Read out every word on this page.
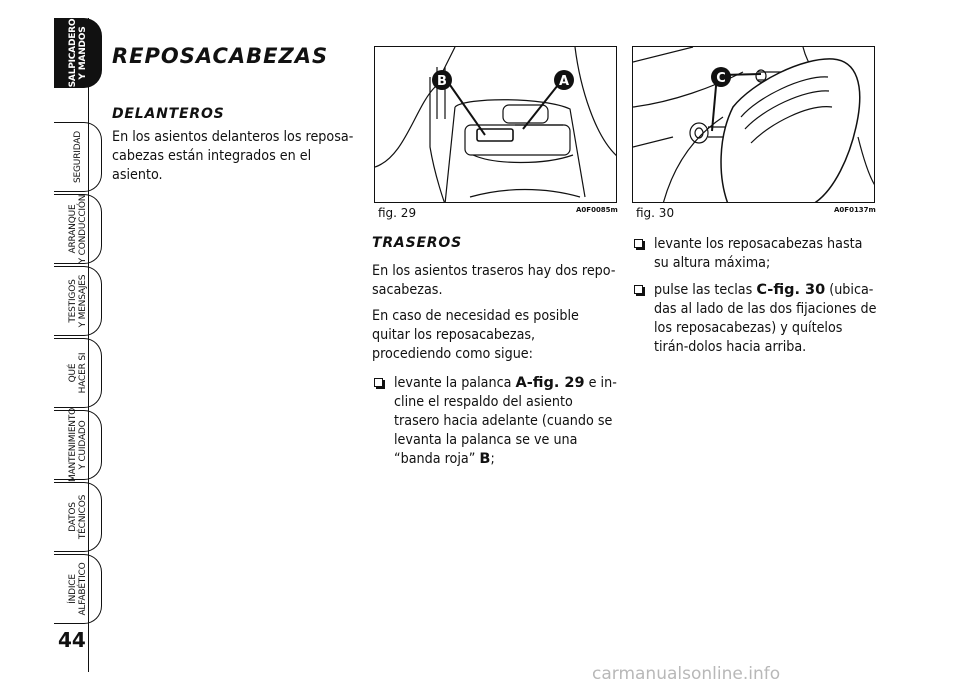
SALPICADERO
Y MANDOS
SEGURIDAD
ARRANQUE
Y CONDUCCIÓN
TESTIGOS
Y MENSAJES
QUÉ
HACER SI
MANTENIMIENTO
Y CUIDADO
DATOS
TÉCNICOS
ÍNDICE
ALFABÉTICO
44
REPOSACABEZAS
DELANTEROS

En los asientos delanteros los reposa-cabezas están integrados en el asiento.

B	A
fig. 29	A0F0085m
C
fig. 30	A0F0137m
TRASEROS

En los asientos traseros hay dos repo-sacabezas.

En caso de necesidad es posible quitar los reposacabezas, procediendo como sigue:

levante la palanca A-fig. 29 e in-cline el respaldo del asiento trasero hacia adelante (cuando se levanta la palanca se ve una “banda roja” B;
levante los reposacabezas hasta su altura máxima;
pulse las teclas C-fig. 30 (ubica-das al lado de las dos fijaciones de los reposacabezas) y quítelos tirán-dolos hacia arriba.
carmanualsonline.info
